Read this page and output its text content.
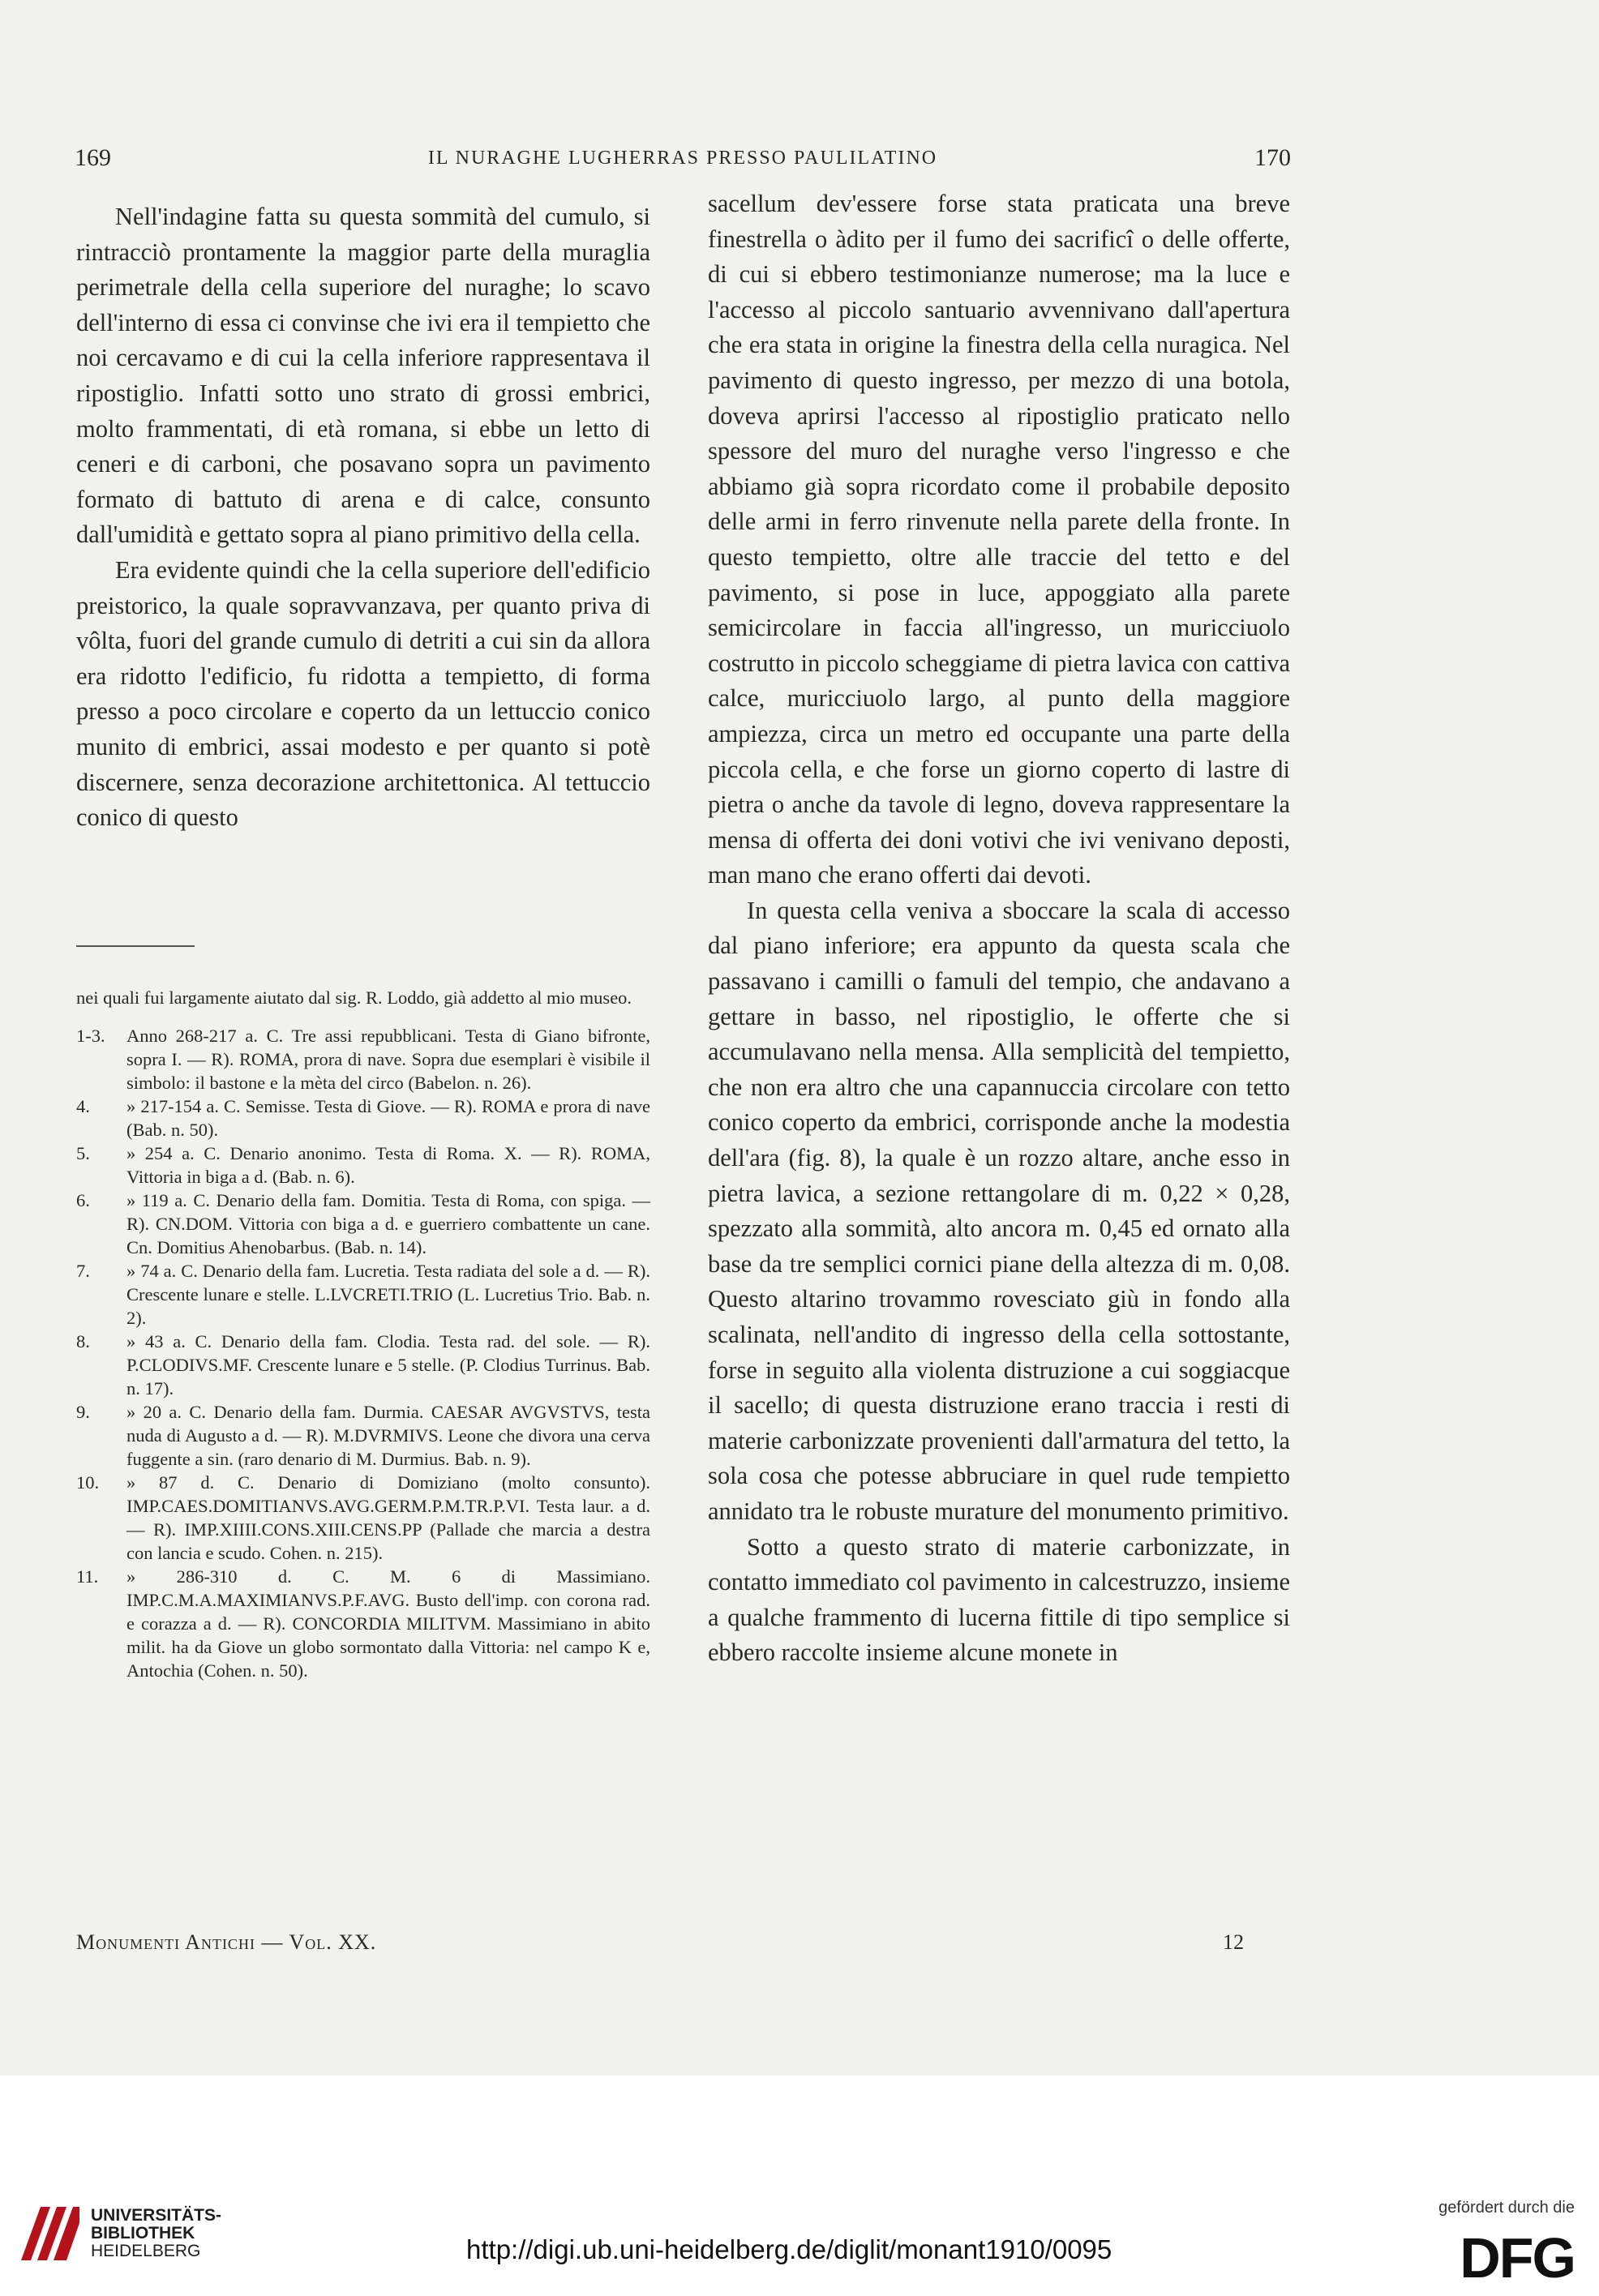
169	IL NURAGHE LUGHERRAS PRESSO PAULILATINO	170

Nell'indagine fatta su questa sommità del cumulo, si rintracciò prontamente la maggior parte della muraglia perimetrale della cella superiore del nuraghe; lo scavo dell'interno di essa ci convinse che ivi era il tempietto che noi cercavamo e di cui la cella inferiore rappresentava il ripostiglio. Infatti sotto uno strato di grossi embrici, molto frammentati, di età romana, si ebbe un letto di ceneri e di carboni, che posavano sopra un pavimento formato di battuto di arena e di calce, consunto dall'umidità e gettato sopra al piano primitivo della cella.

Era evidente quindi che la cella superiore dell'edificio preistorico, la quale sopravvanzava, per quanto priva di vôlta, fuori del grande cumulo di detriti a cui sin da allora era ridotto l'edificio, fu ridotta a tempietto, di forma presso a poco circolare e coperto da un lettuccio conico munito di embrici, assai modesto e per quanto si potè discernere, senza decorazione architettonica. Al tettuccio conico di questo

nei quali fui largamente aiutato dal sig. R. Loddo, già addetto al mio museo.

1-3.	Anno 268-217 a. C. Tre assi repubblicani. Testa di Giano bifronte, sopra I. — R). ROMA, prora di nave. Sopra due esemplari è visibile il simbolo: il bastone e la mèta del circo (Babelon. n. 26).
4.	» 217-154 a. C. Semisse. Testa di Giove. — R). ROMA e prora di nave (Bab. n. 50).
5.	» 254 a. C. Denario anonimo. Testa di Roma. X. — R). ROMA, Vittoria in biga a d. (Bab. n. 6).
6.	» 119 a. C. Denario della fam. Domitia. Testa di Roma, con spiga. — R). CN.DOM. Vittoria con biga a d. e guerriero combattente un cane. Cn. Domitius Ahenobarbus. (Bab. n. 14).
7.	» 74 a. C. Denario della fam. Lucretia. Testa radiata del sole a d. — R). Crescente lunare e stelle. L.LVCRETI.TRIO (L. Lucretius Trio. Bab. n. 2).
8.	» 43 a. C. Denario della fam. Clodia. Testa rad. del sole. — R). P.CLODIVS.MF. Crescente lunare e 5 stelle. (P. Clodius Turrinus. Bab. n. 17).
9.	» 20 a. C. Denario della fam. Durmia. CAESAR AVGVSTVS, testa nuda di Augusto a d. — R). M.DVRMIVS. Leone che divora una cerva fuggente a sin. (raro denario di M. Durmius. Bab. n. 9).
10.	» 87 d. C. Denario di Domiziano (molto consunto). IMP.CAES.DOMITIANVS.AVG.GERM.P.M.TR.P.VI. Testa laur. a d. — R). IMP.XIIII.CONS.XIII.CENS.PP (Pallade che marcia a destra con lancia e scudo. Cohen. n. 215).
11.	» 286-310 d. C. M. 6 di Massimiano. IMP.C.M.A.MAXIMIANVS.P.F.AVG. Busto dell'imp. con corona rad. e corazza a d. — R). CONCORDIA MILITVM. Massimiano in abito milit. ha da Giove un globo sormontato dalla Vittoria: nel campo K e, Antochia (Cohen. n. 50).

sacellum dev'essere forse stata praticata una breve finestrella o àdito per il fumo dei sacrificî o delle offerte, di cui si ebbero testimonianze numerose; ma la luce e l'accesso al piccolo santuario avvennivano dall'apertura che era stata in origine la finestra della cella nuragica. Nel pavimento di questo ingresso, per mezzo di una botola, doveva aprirsi l'accesso al ripostiglio praticato nello spessore del muro del nuraghe verso l'ingresso e che abbiamo già sopra ricordato come il probabile deposito delle armi in ferro rinvenute nella parete della fronte. In questo tempietto, oltre alle traccie del tetto e del pavimento, si pose in luce, appoggiato alla parete semicircolare in faccia all'ingresso, un muricciuolo costrutto in piccolo scheggiame di pietra lavica con cattiva calce, muricciuolo largo, al punto della maggiore ampiezza, circa un metro ed occupante una parte della piccola cella, e che forse un giorno coperto di lastre di pietra o anche da tavole di legno, doveva rappresentare la mensa di offerta dei doni votivi che ivi venivano deposti, man mano che erano offerti dai devoti.

In questa cella veniva a sboccare la scala di accesso dal piano inferiore; era appunto da questa scala che passavano i camilli o famuli del tempio, che andavano a gettare in basso, nel ripostiglio, le offerte che si accumulavano nella mensa. Alla semplicità del tempietto, che non era altro che una capannuccia circolare con tetto conico coperto da embrici, corrisponde anche la modestia dell'ara (fig. 8), la quale è un rozzo altare, anche esso in pietra lavica, a sezione rettangolare di m. 0,22 × 0,28, spezzato alla sommità, alto ancora m. 0,45 ed ornato alla base da tre semplici cornici piane della altezza di m. 0,08. Questo altarino trovammo rovesciato giù in fondo alla scalinata, nell'andito di ingresso della cella sottostante, forse in seguito alla violenta distruzione a cui soggiacque il sacello; di questa distruzione erano traccia i resti di materie carbonizzate provenienti dall'armatura del tetto, la sola cosa che potesse abbruciare in quel rude tempietto annidato tra le robuste murature del monumento primitivo.

Sotto a questo strato di materie carbonizzate, in contatto immediato col pavimento in calcestruzzo, insieme a qualche frammento di lucerna fittile di tipo semplice si ebbero raccolte insieme alcune monete in

Monumenti Antichi — Vol. XX.	12
UNIVERSITÄTS-
BIBLIOTHEK
HEIDELBERG	http://digi.ub.uni-heidelberg.de/diglit/monant1910/0095
gefördert durch die
DFG
